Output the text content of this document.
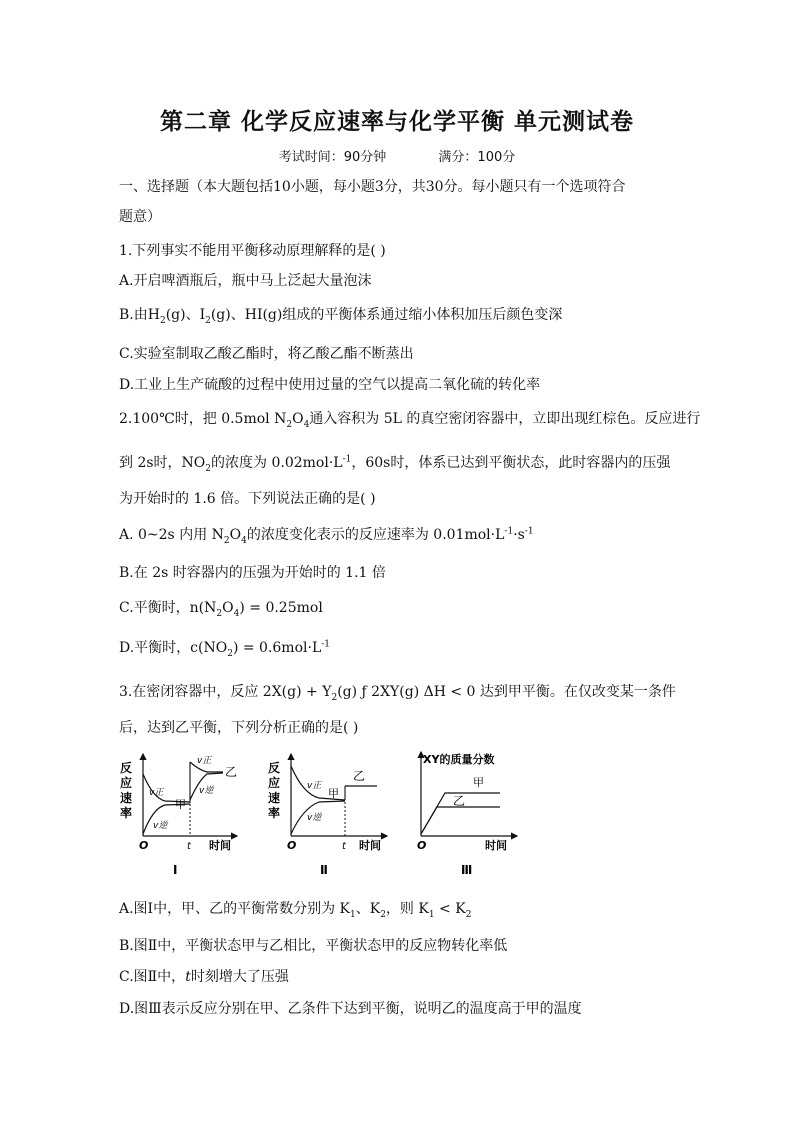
第二章 化学反应速率与化学平衡 单元测试卷
考试时间：90分钟	满分：100分
一、选择题（本大题包括10小题，每小题3分，共30分。每小题只有一个选项符合
题意）
1.下列事实不能用平衡移动原理解释的是( )
A.开启啤酒瓶后，瓶中马上泛起大量泡沫
B.由$H_2(g)$、$I_2(g)$、HI(g)组成的平衡体系通过缩小体积加压后颜色变深
C.实验室制取乙酸乙酯时，将乙酸乙酯不断蒸出
D.工业上生产硫酸的过程中使用过量的空气以提高二氧化硫的转化率
2.100℃时，把 0.5mol $N_2O_4$通入容积为 5L 的真空密闭容器中，立即出现红棕色。反应进行
到 2s时，$NO_2$的浓度为 $0.02mol\cdot L^{-1}$，60s时，体系已达到平衡状态，此时容器内的压强
为开始时的 1.6 倍。下列说法正确的是( )
A. 0~2s 内用 $N_2O_4$的浓度变化表示的反应速率为 $0.01mol\cdot L^{-1}\cdot s^{-1}$
B.在 2s 时容器内的压强为开始时的 1.1 倍
C.平衡时，$n(N_2O_4) = 0.25mol$
D.平衡时，$c(NO_2) = 0.6mol\cdot L^{-1}$
3.在密闭容器中，反应 $2X(g) + Y_2(g)$ ƒ 2XY(g) ΔH < 0 达到甲平衡。在仅改变某一条件
后，达到乙平衡，下列分析正确的是( )
反
应
速
率
v正
v逆
v正
v逆
甲
乙
O	t 时间
Ⅰ
反
应
速
率
v正
v逆
甲
乙
O	t 时间
Ⅱ
XY的质量分数
甲
乙
O	时间
Ⅲ
A.图Ⅰ中，甲、乙的平衡常数分别为 $K_1$、$K_2$，则 $K_1 < K_2$
B.图Ⅱ中，平衡状态甲与乙相比，平衡状态甲的反应物转化率低
C.图Ⅱ中，t时刻增大了压强
D.图Ⅲ表示反应分别在甲、乙条件下达到平衡，说明乙的温度高于甲的温度
